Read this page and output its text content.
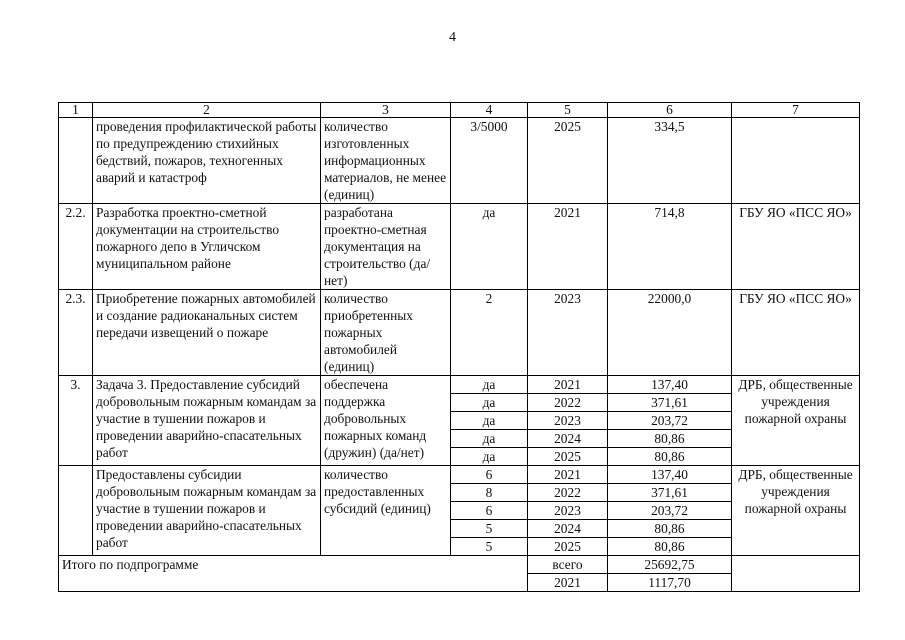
4
1	2	3	4	5	6	7
	проведения профилактической работы по предупреждению стихийных бедствий, пожаров, техногенных аварий и катастроф	количество изготовленных информационных материалов, не менее (единиц)	3/5000	2025	334,5	
2.2.	Разработка проектно-сметной документации на строительство пожарного депо в Угличском муниципальном районе	разработана проектно-сметная документация на строительство (да/нет)	да	2021	714,8	ГБУ ЯО «ПСС ЯО»
2.3.	Приобретение пожарных автомобилей и создание радиоканальных систем передачи извещений о пожаре	количество приобретенных пожарных автомобилей (единиц)	2	2023	22000,0	ГБУ ЯО «ПСС ЯО»
3.	Задача 3. Предоставление субсидий добровольным пожарным командам за участие в тушении пожаров и проведении аварийно-спасательных работ	обеспечена поддержка добровольных пожарных команд (дружин) (да/нет)	да	2021	137,40	ДРБ, общественные учреждения пожарной охраны
			да	2022	371,61	
			да	2023	203,72	
			да	2024	80,86	
			да	2025	80,86	
	Предоставлены субсидии добровольным пожарным командам за участие в тушении пожаров и проведении аварийно-спасательных работ	количество предоставленных субсидий (единиц)	6	2021	137,40	ДРБ, общественные учреждения пожарной охраны
			8	2022	371,61	
			6	2023	203,72	
			5	2024	80,86	
			5	2025	80,86	
Итого по подпрограмме				всего	25692,75	
				2021	1117,70	
